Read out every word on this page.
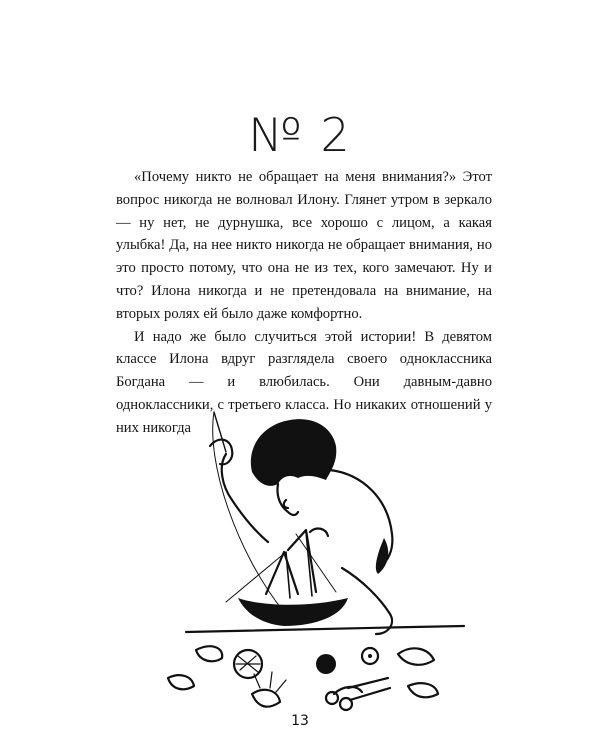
№ 2

«Почему никто не обращает на меня внимания?» Этот вопрос никогда не волновал Илону. Глянет утром в зеркало — ну нет, не дурнушка, все хорошо с лицом, а какая улыбка! Да, на нее никто никогда не обращает внимания, но это просто потому, что она не из тех, кого замечают. Ну и что? Илона никогда и не претендовала на внимание, на вторых ролях ей было даже комфортно.

И надо же было случиться этой истории! В девятом классе Илона вдруг разглядела своего одноклассника Богдана — и влюбилась. Они давным-давно одноклассники, с третьего класса. Но никаких отношений у них никогда

13
